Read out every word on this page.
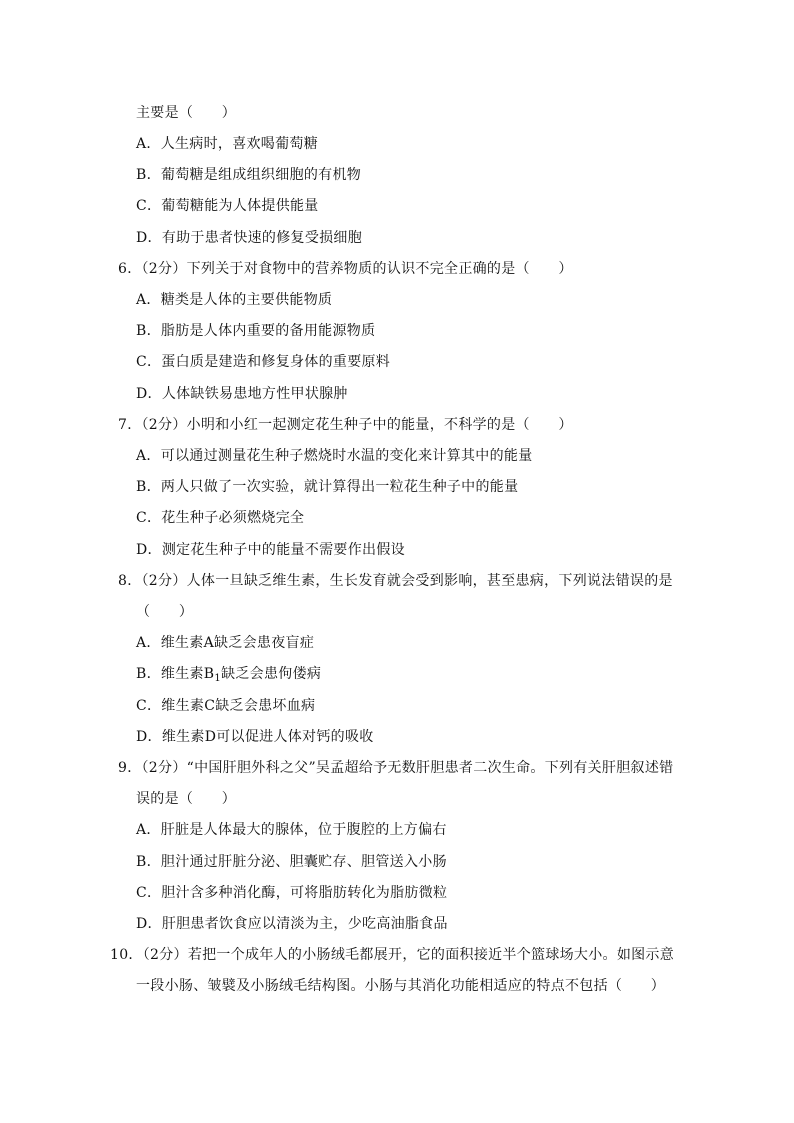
主要是（　　）
A．人生病时，喜欢喝葡萄糖
B．葡萄糖是组成组织细胞的有机物
C．葡萄糖能为人体提供能量
D．有助于患者快速的修复受损细胞
6．（2分）下列关于对食物中的营养物质的认识不完全正确的是（　　）
A．糖类是人体的主要供能物质
B．脂肪是人体内重要的备用能源物质
C．蛋白质是建造和修复身体的重要原料
D．人体缺铁易患地方性甲状腺肿
7．（2分）小明和小红一起测定花生种子中的能量，不科学的是（　　）
A．可以通过测量花生种子燃烧时水温的变化来计算其中的能量
B．两人只做了一次实验，就计算得出一粒花生种子中的能量
C．花生种子必须燃烧完全
D．测定花生种子中的能量不需要作出假设
8．（2分）人体一旦缺乏维生素，生长发育就会受到影响，甚至患病，下列说法错误的是
（　　）
A．维生素A缺乏会患夜盲症
B．维生素$B_1$缺乏会患佝偻病
C．维生素C缺乏会患坏血病
D．维生素D可以促进人体对钙的吸收
9．（2分）“中国肝胆外科之父”吴孟超给予无数肝胆患者二次生命。下列有关肝胆叙述错
误的是（　　）
A．肝脏是人体最大的腺体，位于腹腔的上方偏右
B．胆汁通过肝脏分泌、胆囊贮存、胆管送入小肠
C．胆汁含多种消化酶，可将脂肪转化为脂肪微粒
D．肝胆患者饮食应以清淡为主，少吃高油脂食品
10．（2分）若把一个成年人的小肠绒毛都展开，它的面积接近半个篮球场大小。如图示意
一段小肠、皱襞及小肠绒毛结构图。小肠与其消化功能相适应的特点不包括（　　）
